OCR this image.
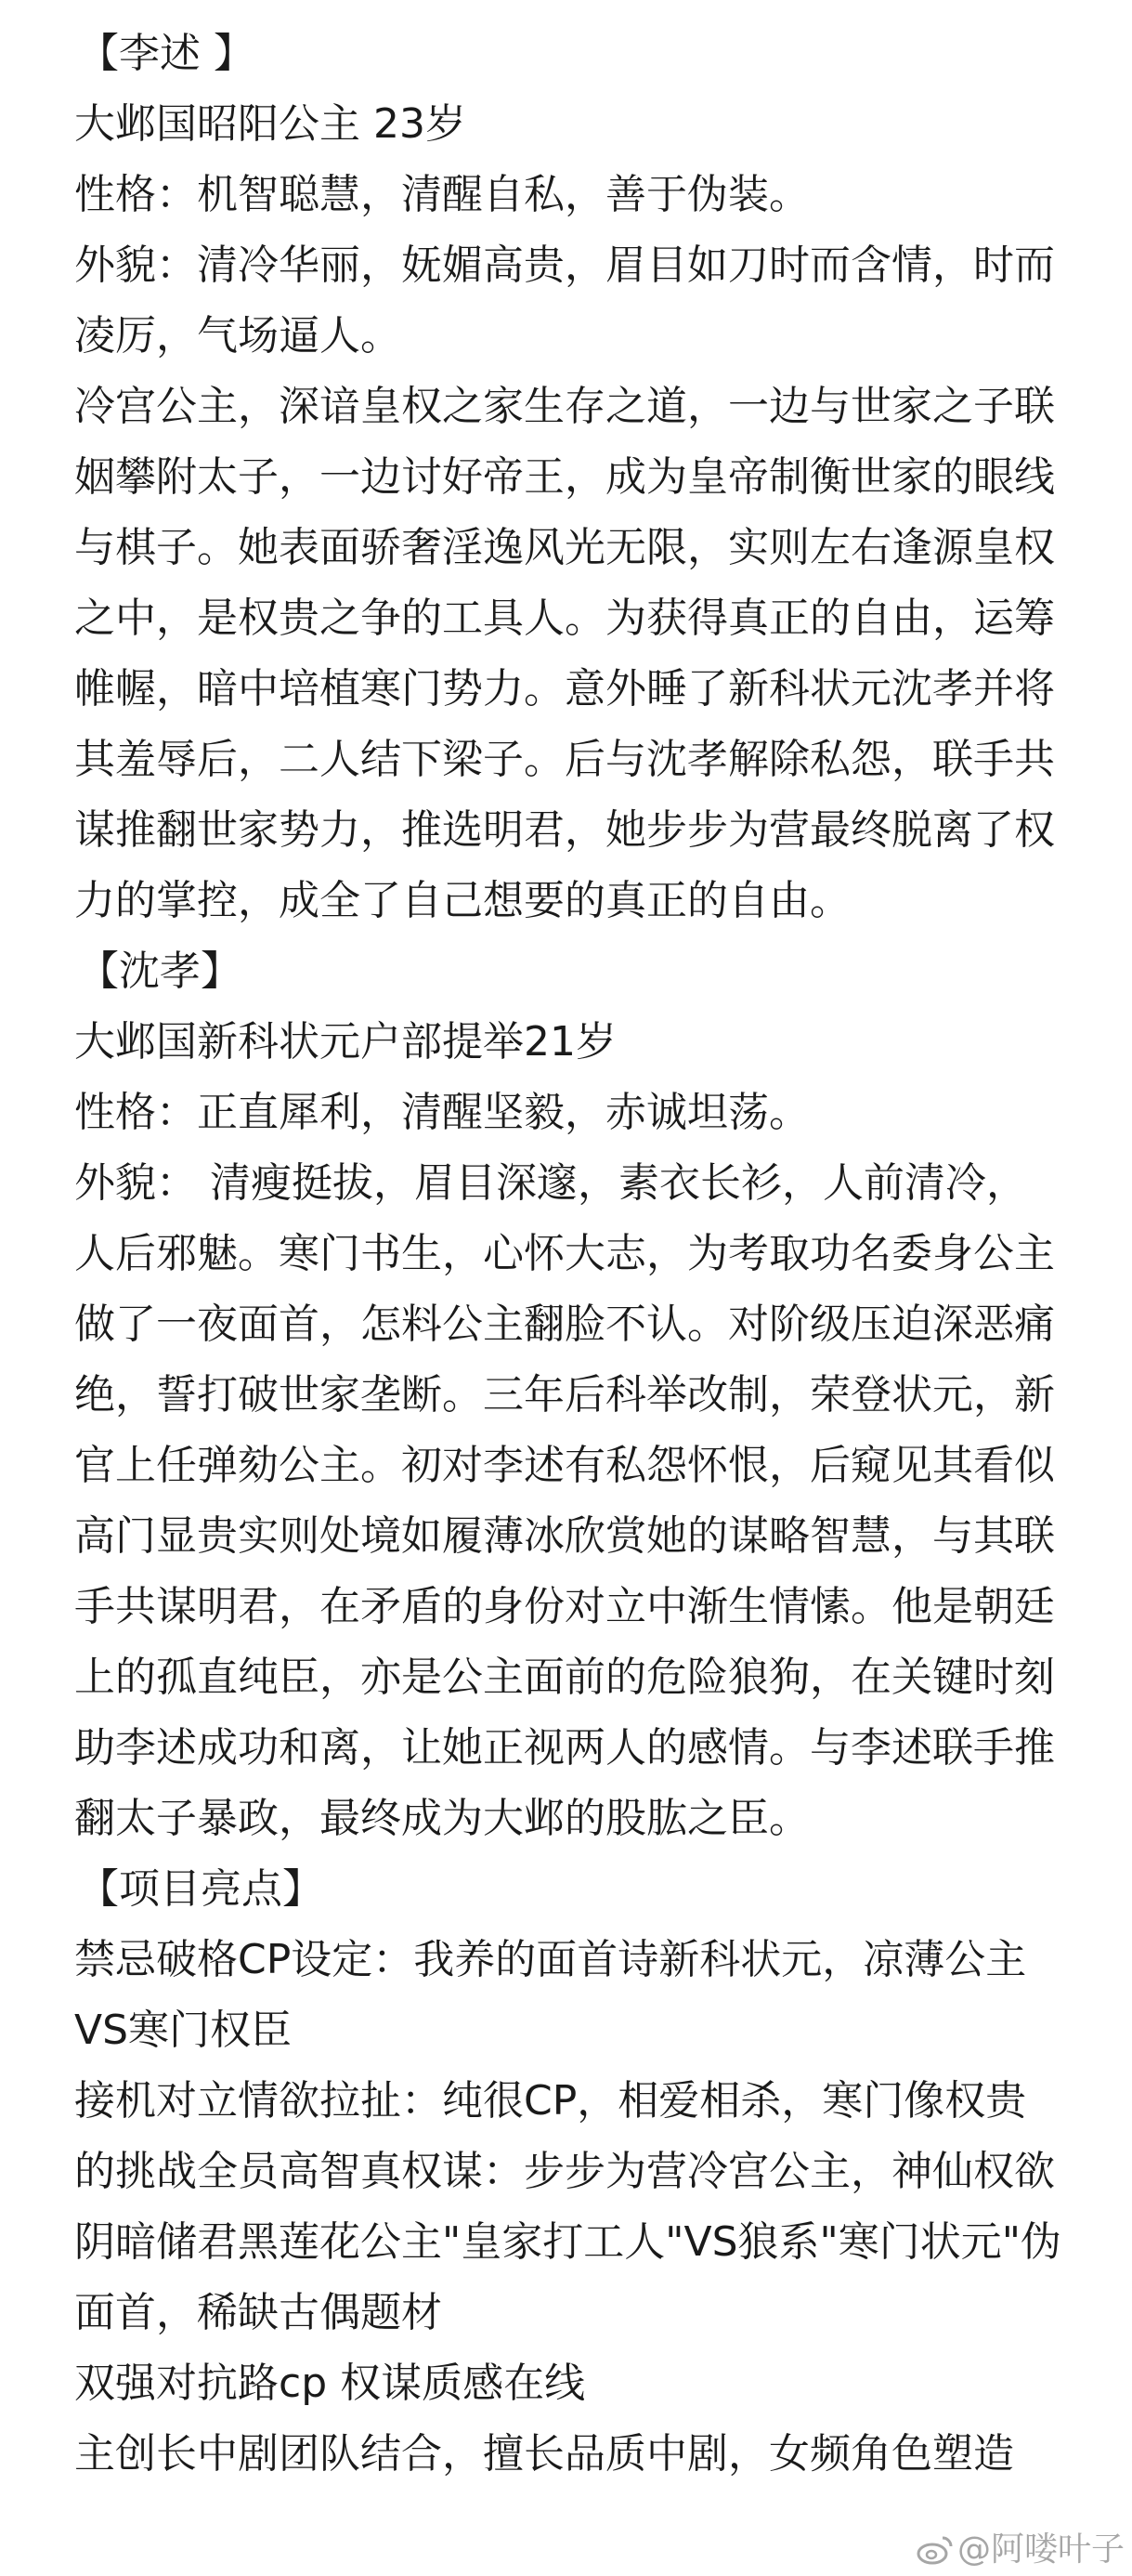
【李述 】
大邺国昭阳公主 23岁
性格：机智聪慧，清醒自私，善于伪装。
外貌：清冷华丽，妩媚高贵，眉目如刀时而含情，时而
凌厉，气场逼人。
冷宫公主，深谙皇权之家生存之道，一边与世家之子联
姻攀附太子，一边讨好帝王，成为皇帝制衡世家的眼线
与棋子。她表面骄奢淫逸风光无限，实则左右逢源皇权
之中，是权贵之争的工具人。为获得真正的自由，运筹
帷幄，暗中培植寒门势力。意外睡了新科状元沈孝并将
其羞辱后，二人结下梁子。后与沈孝解除私怨，联手共
谋推翻世家势力，推选明君，她步步为营最终脱离了权
力的掌控，成全了自己想要的真正的自由。
【沈孝】
大邺国新科状元户部提举21岁
性格：正直犀利，清醒坚毅，赤诚坦荡。
外貌： 清瘦挺拔，眉目深邃，素衣长衫，人前清冷，
人后邪魅。寒门书生，心怀大志，为考取功名委身公主
做了一夜面首，怎料公主翻脸不认。对阶级压迫深恶痛
绝，誓打破世家垄断。三年后科举改制，荣登状元，新
官上任弹劾公主。初对李述有私怨怀恨，后窥见其看似
高门显贵实则处境如履薄冰欣赏她的谋略智慧，与其联
手共谋明君，在矛盾的身份对立中渐生情愫。他是朝廷
上的孤直纯臣，亦是公主面前的危险狼狗，在关键时刻
助李述成功和离，让她正视两人的感情。与李述联手推
翻太子暴政，最终成为大邺的股肱之臣。
【项目亮点】
禁忌破格CP设定：我养的面首诗新科状元，凉薄公主
VS寒门权臣
接机对立情欲拉扯：纯很CP，相爱相杀，寒门像权贵
的挑战全员高智真权谋：步步为营冷宫公主，神仙权欲
阴暗储君黑莲花公主"皇家打工人"VS狼系"寒门状元"伪
面首，稀缺古偶题材
双强对抗路cp 权谋质感在线
主创长中剧团队结合，擅长品质中剧，女频角色塑造
@阿喽叶子
